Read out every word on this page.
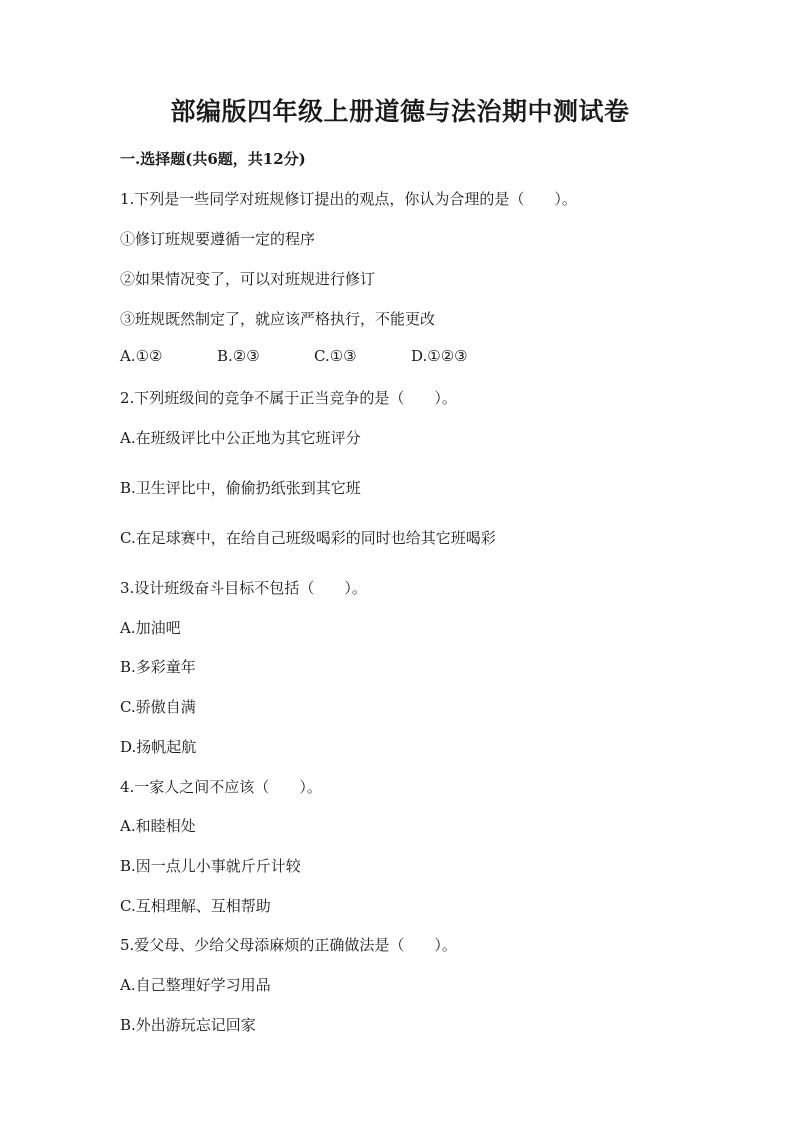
部编版四年级上册道德与法治期中测试卷

一.选择题(共6题，共12分)

1.下列是一些同学对班规修订提出的观点，你认为合理的是（　　）。

①修订班规要遵循一定的程序

②如果情况变了，可以对班规进行修订

③班规既然制定了，就应该严格执行，不能更改

A.①②

	B.②③

	C.①③

	D.①②③

2.下列班级间的竞争不属于正当竞争的是（　　）。

A.在班级评比中公正地为其它班评分

B.卫生评比中，偷偷扔纸张到其它班

C.在足球赛中，在给自己班级喝彩的同时也给其它班喝彩

3.设计班级奋斗目标不包括（　　）。

A.加油吧

B.多彩童年

C.骄傲自满

D.扬帆起航

4.一家人之间不应该（　　）。

A.和睦相处

B.因一点儿小事就斤斤计较

C.互相理解、互相帮助

5.爱父母、少给父母添麻烦的正确做法是（　　）。

A.自己整理好学习用品

B.外出游玩忘记回家
